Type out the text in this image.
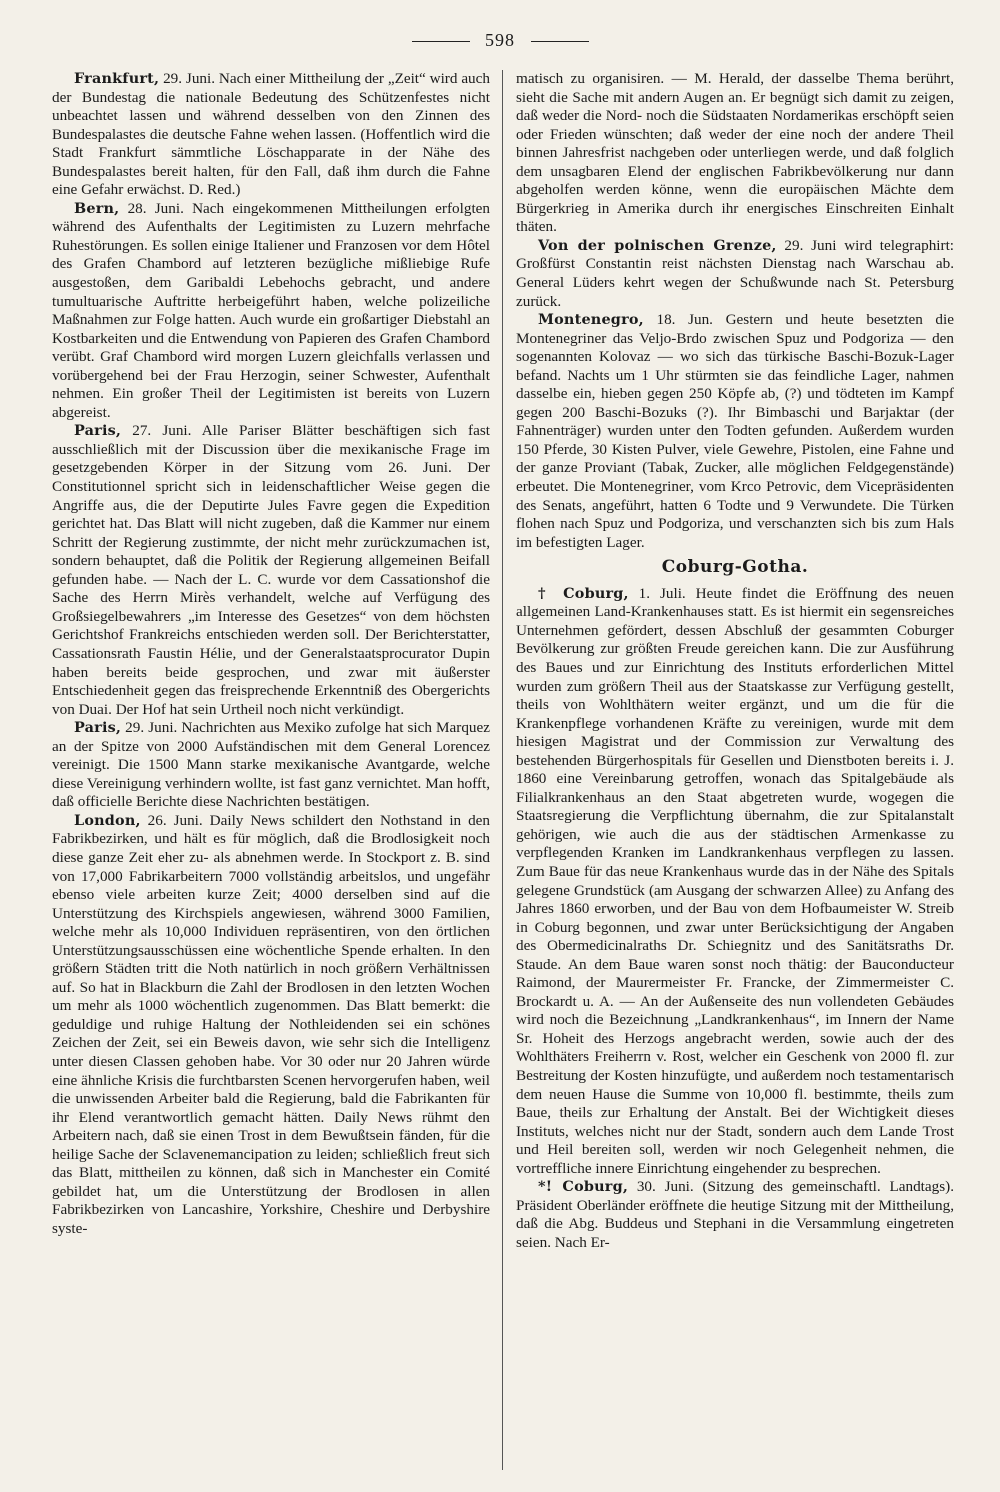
598

Frankfurt, 29. Juni. Nach einer Mittheilung der „Zeit“ wird auch der Bundestag die nationale Bedeutung des Schützenfestes nicht unbeachtet lassen und während desselben von den Zinnen des Bundespalastes die deutsche Fahne wehen lassen. (Hoffentlich wird die Stadt Frankfurt sämmtliche Löschapparate in der Nähe des Bundespalastes bereit halten, für den Fall, daß ihm durch die Fahne eine Gefahr erwächst. D. Red.)

Bern, 28. Juni. Nach eingekommenen Mittheilungen erfolgten während des Aufenthalts der Legitimisten zu Luzern mehrfache Ruhestörungen. Es sollen einige Italiener und Franzosen vor dem Hôtel des Grafen Chambord auf letzteren bezügliche mißliebige Rufe ausgestoßen, dem Garibaldi Lebehochs gebracht, und andere tumultuarische Auftritte herbeigeführt haben, welche polizeiliche Maßnahmen zur Folge hatten. Auch wurde ein großartiger Diebstahl an Kostbarkeiten und die Entwendung von Papieren des Grafen Chambord verübt. Graf Chambord wird morgen Luzern gleichfalls verlassen und vorübergehend bei der Frau Herzogin, seiner Schwester, Aufenthalt nehmen. Ein großer Theil der Legitimisten ist bereits von Luzern abgereist.

Paris, 27. Juni. Alle Pariser Blätter beschäftigen sich fast ausschließlich mit der Discussion über die mexikanische Frage im gesetzgebenden Körper in der Sitzung vom 26. Juni. Der Constitutionnel spricht sich in leidenschaftlicher Weise gegen die Angriffe aus, die der Deputirte Jules Favre gegen die Expedition gerichtet hat. Das Blatt will nicht zugeben, daß die Kammer nur einem Schritt der Regierung zustimmte, der nicht mehr zurückzumachen ist, sondern behauptet, daß die Politik der Regierung allgemeinen Beifall gefunden habe. — Nach der L. C. wurde vor dem Cassationshof die Sache des Herrn Mirès verhandelt, welche auf Verfügung des Großsiegelbewahrers „im Interesse des Gesetzes“ von dem höchsten Gerichtshof Frankreichs entschieden werden soll. Der Berichterstatter, Cassationsrath Faustin Hélie, und der Generalstaatsprocurator Dupin haben bereits beide gesprochen, und zwar mit äußerster Entschiedenheit gegen das freisprechende Erkenntniß des Obergerichts von Duai. Der Hof hat sein Urtheil noch nicht verkündigt.

Paris, 29. Juni. Nachrichten aus Mexiko zufolge hat sich Marquez an der Spitze von 2000 Aufständischen mit dem General Lorencez vereinigt. Die 1500 Mann starke mexikanische Avantgarde, welche diese Vereinigung verhindern wollte, ist fast ganz vernichtet. Man hofft, daß officielle Berichte diese Nachrichten bestätigen.

London, 26. Juni. Daily News schildert den Nothstand in den Fabrikbezirken, und hält es für möglich, daß die Brodlosigkeit noch diese ganze Zeit eher zu- als abnehmen werde. In Stockport z. B. sind von 17,000 Fabrikarbeitern 7000 vollständig arbeitslos, und ungefähr ebenso viele arbeiten kurze Zeit; 4000 derselben sind auf die Unterstützung des Kirchspiels angewiesen, während 3000 Familien, welche mehr als 10,000 Individuen repräsentiren, von den örtlichen Unterstützungsausschüssen eine wöchentliche Spende erhalten. In den größern Städten tritt die Noth natürlich in noch größern Verhältnissen auf. So hat in Blackburn die Zahl der Brodlosen in den letzten Wochen um mehr als 1000 wöchentlich zugenommen. Das Blatt bemerkt: die geduldige und ruhige Haltung der Nothleidenden sei ein schönes Zeichen der Zeit, sei ein Beweis davon, wie sehr sich die Intelligenz unter diesen Classen gehoben habe. Vor 30 oder nur 20 Jahren würde eine ähnliche Krisis die furchtbarsten Scenen hervorgerufen haben, weil die unwissenden Arbeiter bald die Regierung, bald die Fabrikanten für ihr Elend verantwortlich gemacht hätten. Daily News rühmt den Arbeitern nach, daß sie einen Trost in dem Bewußtsein fänden, für die heilige Sache der Sclavenemancipation zu leiden; schließlich freut sich das Blatt, mittheilen zu können, daß sich in Manchester ein Comité gebildet hat, um die Unterstützung der Brodlosen in allen Fabrikbezirken von Lancashire, Yorkshire, Cheshire und Derbyshire syste-

matisch zu organisiren. — M. Herald, der dasselbe Thema berührt, sieht die Sache mit andern Augen an. Er begnügt sich damit zu zeigen, daß weder die Nord- noch die Südstaaten Nordamerikas erschöpft seien oder Frieden wünschten; daß weder der eine noch der andere Theil binnen Jahresfrist nachgeben oder unterliegen werde, und daß folglich dem unsagbaren Elend der englischen Fabrikbevölkerung nur dann abgeholfen werden könne, wenn die europäischen Mächte dem Bürgerkrieg in Amerika durch ihr energisches Einschreiten Einhalt thäten.

Von der polnischen Grenze, 29. Juni wird telegraphirt: Großfürst Constantin reist nächsten Dienstag nach Warschau ab. General Lüders kehrt wegen der Schußwunde nach St. Petersburg zurück.

Montenegro, 18. Jun. Gestern und heute besetzten die Montenegriner das Veljo-Brdo zwischen Spuz und Podgoriza — den sogenannten Kolovaz — wo sich das türkische Baschi-Bozuk-Lager befand. Nachts um 1 Uhr stürmten sie das feindliche Lager, nahmen dasselbe ein, hieben gegen 250 Köpfe ab, (?) und tödteten im Kampf gegen 200 Baschi-Bozuks (?). Ihr Bimbaschi und Barjaktar (der Fahnenträger) wurden unter den Todten gefunden. Außerdem wurden 150 Pferde, 30 Kisten Pulver, viele Gewehre, Pistolen, eine Fahne und der ganze Proviant (Tabak, Zucker, alle möglichen Feldgegenstände) erbeutet. Die Montenegriner, vom Krco Petrovic, dem Vicepräsidenten des Senats, angeführt, hatten 6 Todte und 9 Verwundete. Die Türken flohen nach Spuz und Podgoriza, und verschanzten sich bis zum Hals im befestigten Lager.

Coburg-Gotha.

† Coburg, 1. Juli. Heute findet die Eröffnung des neuen allgemeinen Land-Krankenhauses statt. Es ist hiermit ein segensreiches Unternehmen gefördert, dessen Abschluß der gesammten Coburger Bevölkerung zur größten Freude gereichen kann. Die zur Ausführung des Baues und zur Einrichtung des Instituts erforderlichen Mittel wurden zum größern Theil aus der Staatskasse zur Verfügung gestellt, theils von Wohlthätern weiter ergänzt, und um die für die Krankenpflege vorhandenen Kräfte zu vereinigen, wurde mit dem hiesigen Magistrat und der Commission zur Verwaltung des bestehenden Bürgerhospitals für Gesellen und Dienstboten bereits i. J. 1860 eine Vereinbarung getroffen, wonach das Spitalgebäude als Filialkrankenhaus an den Staat abgetreten wurde, wogegen die Staatsregierung die Verpflichtung übernahm, die zur Spitalanstalt gehörigen, wie auch die aus der städtischen Armenkasse zu verpflegenden Kranken im Landkrankenhaus verpflegen zu lassen. Zum Baue für das neue Krankenhaus wurde das in der Nähe des Spitals gelegene Grundstück (am Ausgang der schwarzen Allee) zu Anfang des Jahres 1860 erworben, und der Bau von dem Hofbaumeister W. Streib in Coburg begonnen, und zwar unter Berücksichtigung der Angaben des Obermedicinalraths Dr. Schiegnitz und des Sanitätsraths Dr. Staude. An dem Baue waren sonst noch thätig: der Bauconducteur Raimond, der Maurermeister Fr. Francke, der Zimmermeister C. Brockardt u. A. — An der Außenseite des nun vollendeten Gebäudes wird noch die Bezeichnung „Landkrankenhaus“, im Innern der Name Sr. Hoheit des Herzogs angebracht werden, sowie auch der des Wohlthäters Freiherrn v. Rost, welcher ein Geschenk von 2000 fl. zur Bestreitung der Kosten hinzufügte, und außerdem noch testamentarisch dem neuen Hause die Summe von 10,000 fl. bestimmte, theils zum Baue, theils zur Erhaltung der Anstalt. Bei der Wichtigkeit dieses Instituts, welches nicht nur der Stadt, sondern auch dem Lande Trost und Heil bereiten soll, werden wir noch Gelegenheit nehmen, die vortreffliche innere Einrichtung eingehender zu besprechen.

*! Coburg, 30. Juni. (Sitzung des gemeinschaftl. Landtags). Präsident Oberländer eröffnete die heutige Sitzung mit der Mittheilung, daß die Abg. Buddeus und Stephani in die Versammlung eingetreten seien. Nach Er-
